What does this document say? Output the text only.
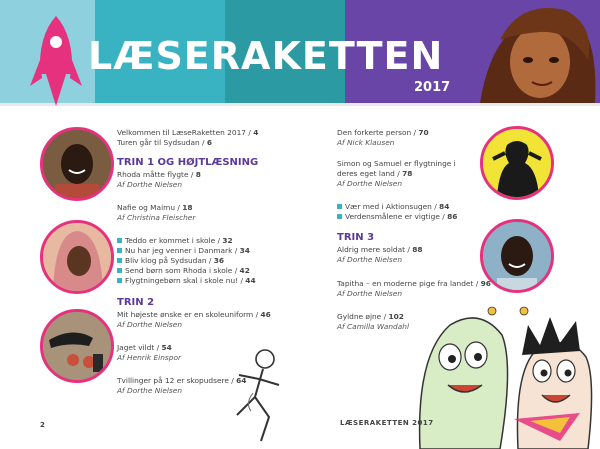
LÆSERAKETTEN
2017
Velkommen til LæseRaketten 2017 / 4
Turen går til Sydsudan / 6
TRIN 1 OG HØJTLÆSNING
Rhoda måtte flygte / 8
Af Dorthe Nielsen
Nafie og Maimu / 18
Af Christina Fleischer
Teddo er kommet i skole / 32
Nu har jeg venner i Danmark / 34
Bliv klog på Sydsudan / 36
Send børn som Rhoda i skole / 42
Flygtningebørn skal i skole nu! / 44
TRIN 2
Mit højeste ønske er en skoleuniform / 46
Af Dorthe Nielsen
Jaget vildt / 54
Af Henrik Einspor
Tvillinger på 12 er skopudsere / 64
Af Dorthe Nielsen
Den forkerte person / 70
Af Nick Klausen
Simon og Samuel er flygtninge i
deres eget land / 78
Af Dorthe Nielsen
Vær med i Aktionsugen / 84
Verdensmålene er vigtige / 86
TRIN 3
Aldrig mere soldat / 88
Af Dorthe Nielsen
Tapitha – en moderne pige fra landet / 96
Af Dorthe Nielsen
Gyldne øjne / 102
Af Camilla Wandahl
2	LÆSERAKETTEN 2017
